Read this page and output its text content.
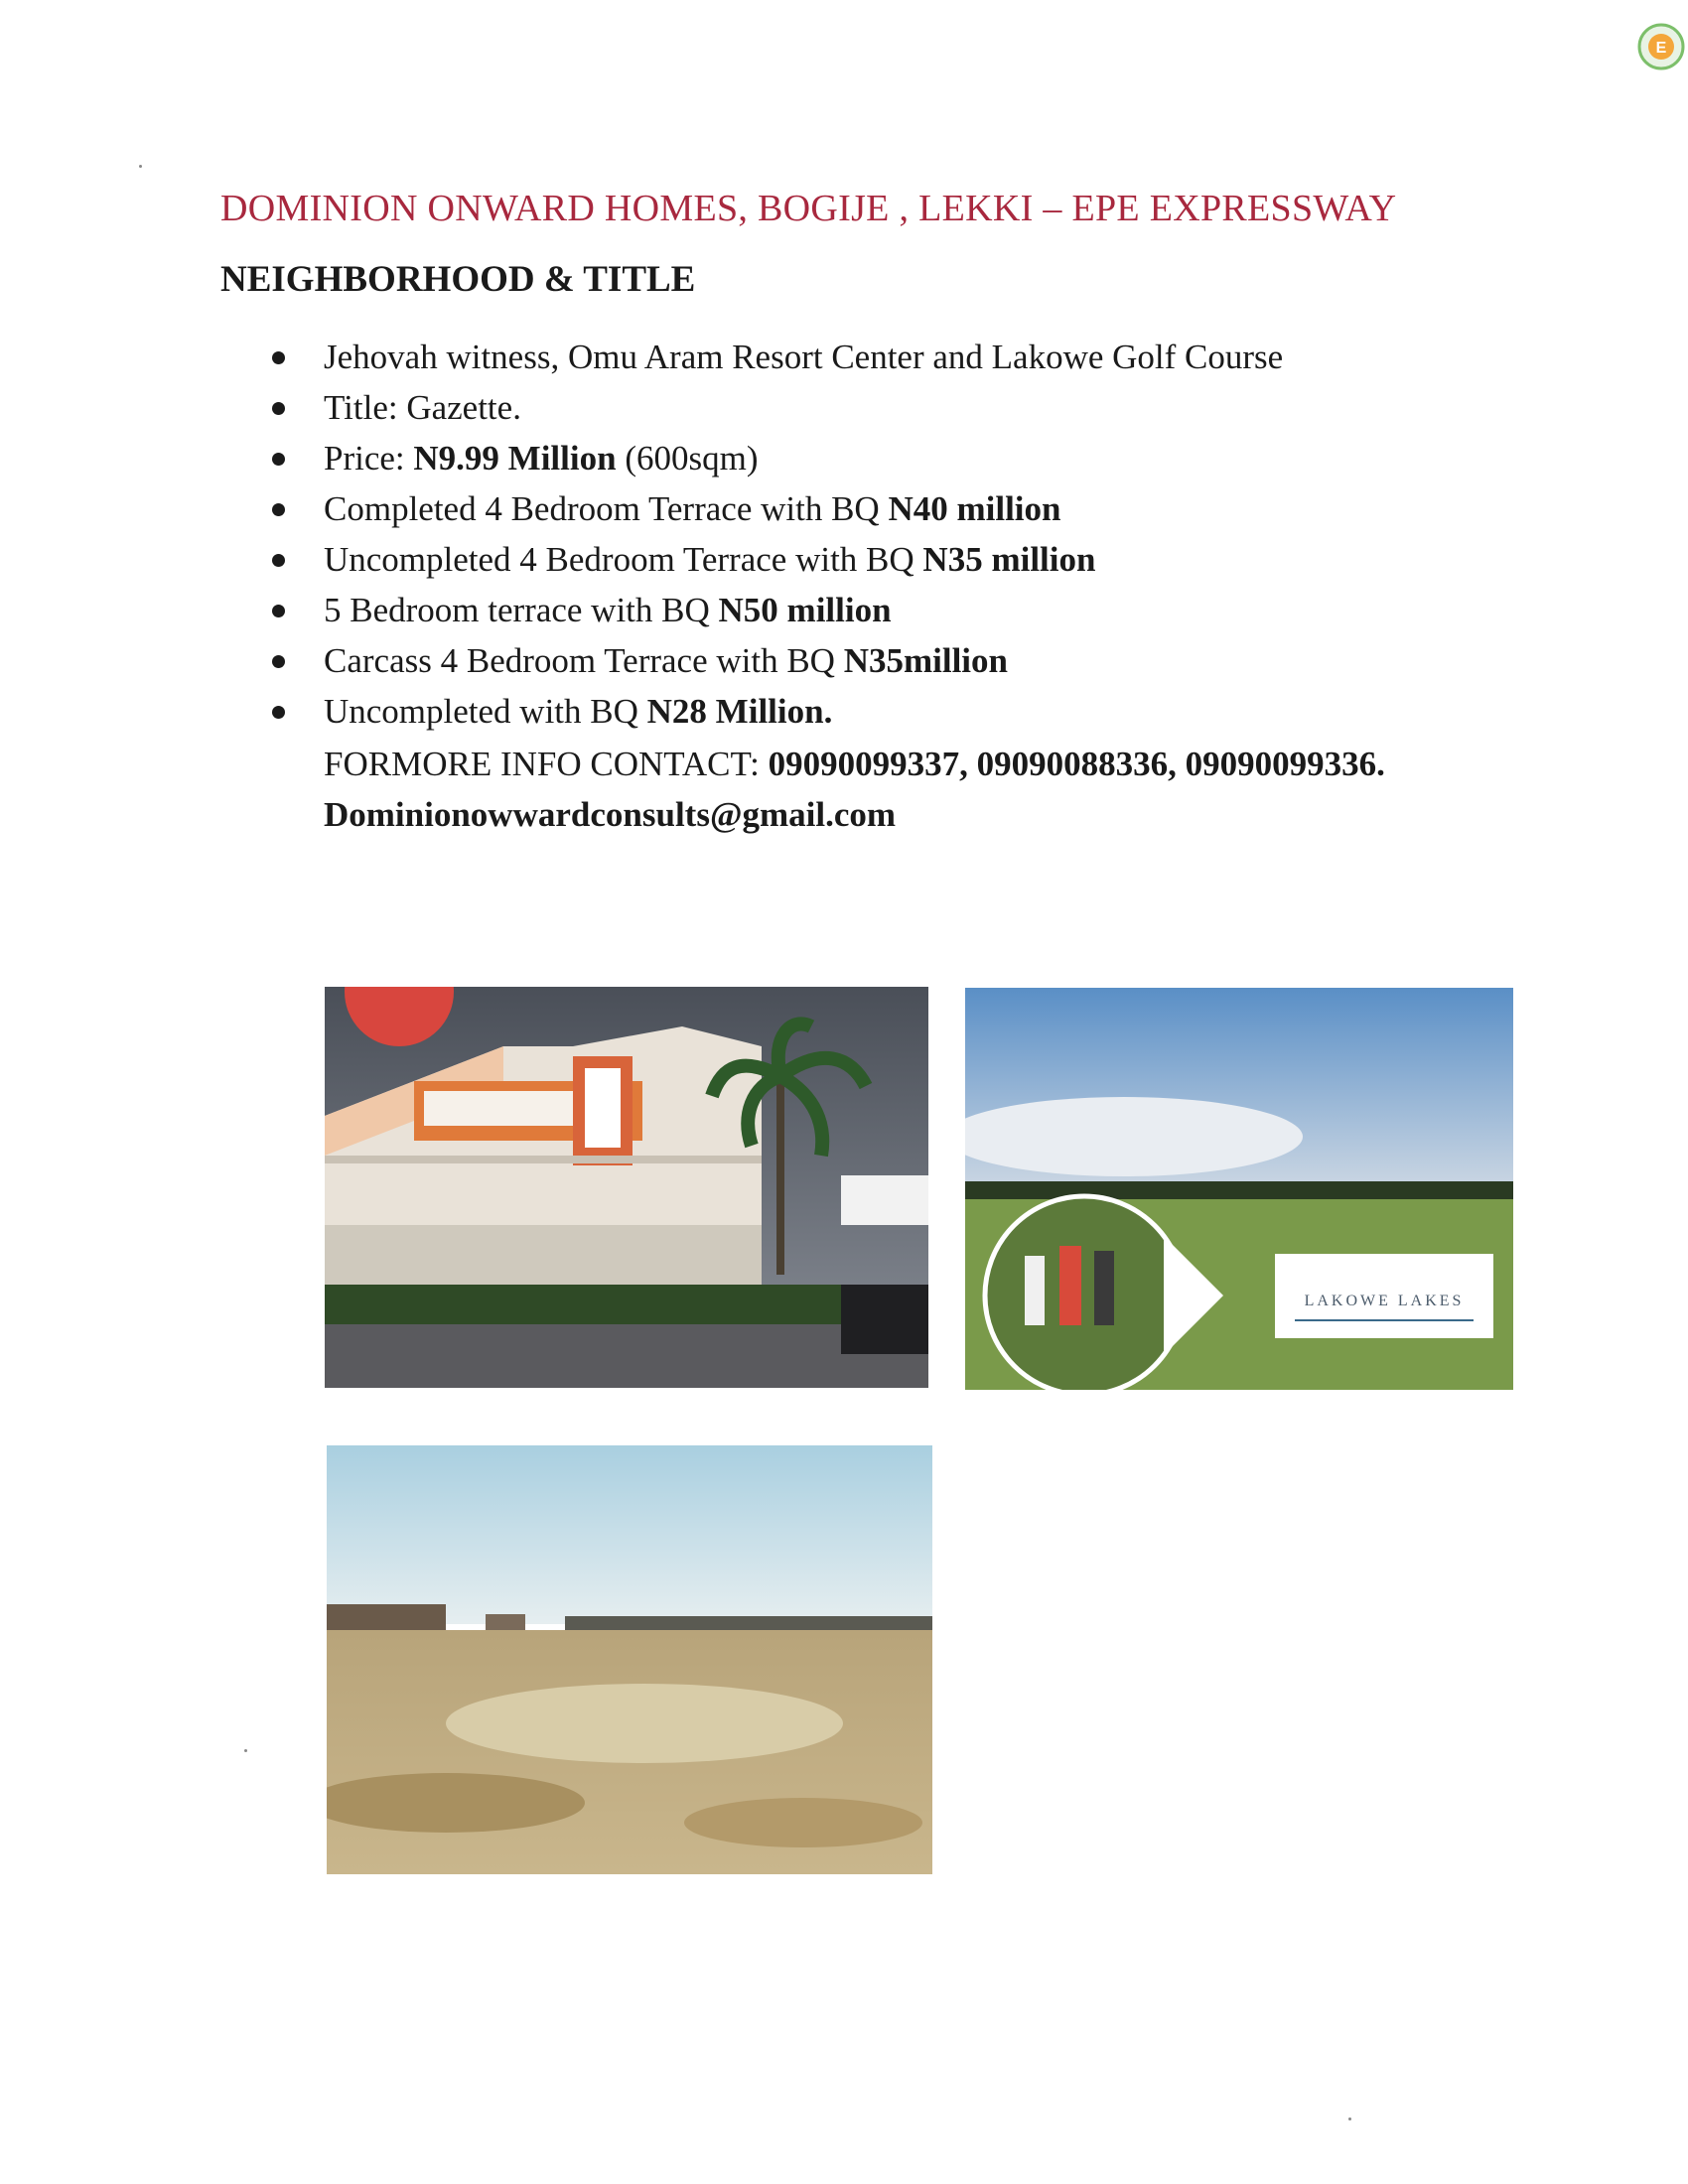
E
DOMINION ONWARD HOMES, BOGIJE , LEKKI – EPE EXPRESSWAY
NEIGHBORHOOD & TITLE
Jehovah witness, Omu Aram Resort Center and Lakowe Golf Course
Title: Gazette.
Price: N9.99 Million (600sqm)
Completed 4 Bedroom Terrace with BQ N40 million
Uncompleted 4 Bedroom Terrace with BQ N35 million
5 Bedroom terrace with BQ N50 million
Carcass 4 Bedroom Terrace with BQ N35million
Uncompleted with BQ N28 Million.
FORMORE INFO CONTACT: 09090099337, 09090088336, 09090099336.
Dominionowwardconsults@gmail.com
LAKOWE LAKES
